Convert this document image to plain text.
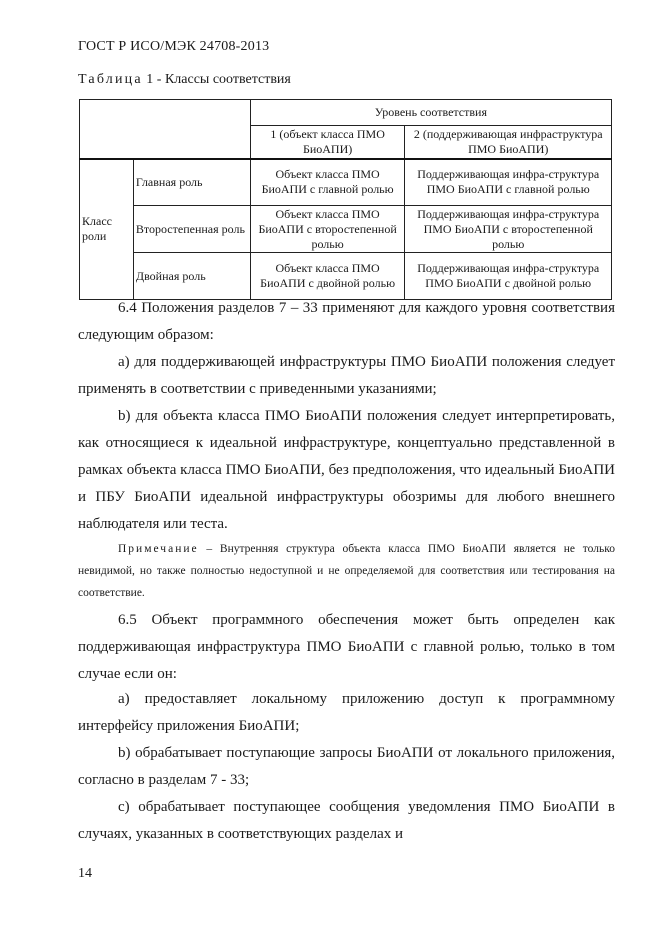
ГОСТ Р ИСО/МЭК 24708-2013
Таблица 1 - Классы соответствия
		Уровень соответствия	
		1 (объект класса ПМО БиоАПИ)	2 (поддерживающая инфраструктура ПМО БиоАПИ)
Класс роли	Главная роль	Объект класса ПМО БиоАПИ с главной ролью	Поддерживающая инфра-структура ПМО БиоАПИ с главной ролью
	Второстепенная роль	Объект класса ПМО БиоАПИ с второстепенной ролью	Поддерживающая инфра-структура ПМО БиоАПИ с второстепенной ролью
	Двойная роль	Объект класса ПМО БиоАПИ с двойной ролью	Поддерживающая инфра-структура ПМО БиоАПИ с двойной ролью
6.4 Положения разделов 7 – 33 применяют для каждого уровня соответствия следующим образом:
a) для поддерживающей инфраструктуры ПМО БиоАПИ положения следует применять в соответствии с приведенными указаниями;
b) для объекта класса ПМО БиоАПИ положения следует интерпретировать, как относящиеся к идеальной инфраструктуре, концептуально представленной в рамках объекта класса ПМО БиоАПИ, без предположения, что идеальный БиоАПИ и ПБУ БиоАПИ идеальной инфраструктуры обозримы для любого внешнего наблюдателя или теста.
Примечание – Внутренняя структура объекта класса ПМО БиоАПИ является не только невидимой, но также полностью недоступной и не определяемой для соответствия или тестирования на соответствие.
6.5 Объект программного обеспечения может быть определен как поддерживающая инфраструктура ПМО БиоАПИ с главной ролью, только в том случае если он:
a) предоставляет локальному приложению доступ к программному интерфейсу приложения БиоАПИ;
b) обрабатывает поступающие запросы БиоАПИ от локального приложения, согласно в разделам 7 - 33;
c) обрабатывает поступающее сообщения уведомления ПМО БиоАПИ в случаях, указанных в соответствующих разделах и
14
